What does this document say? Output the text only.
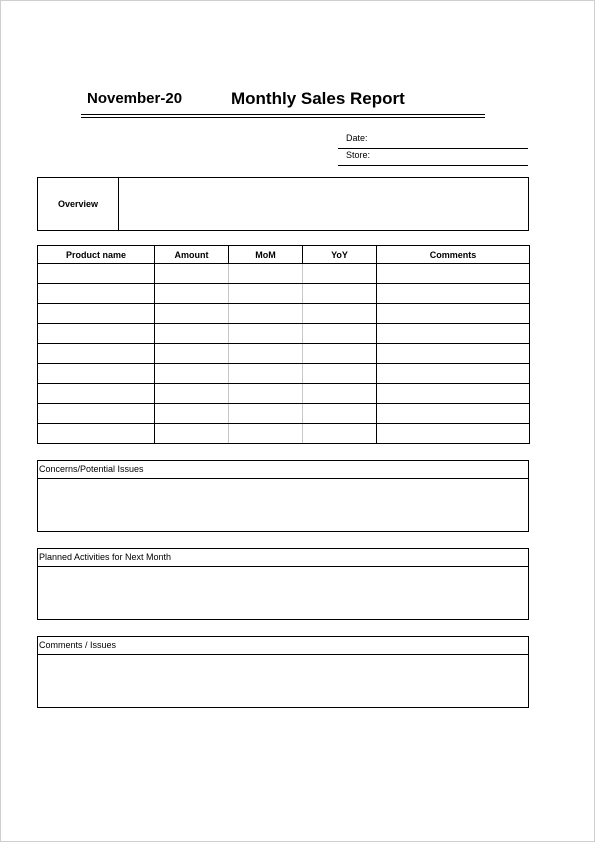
November-20	Monthly Sales Report
Date:
Store:
Overview
Product name	Amount	MoM	YoY	Comments

Concerns/Potential Issues
Planned Activities for Next Month
Comments / Issues
